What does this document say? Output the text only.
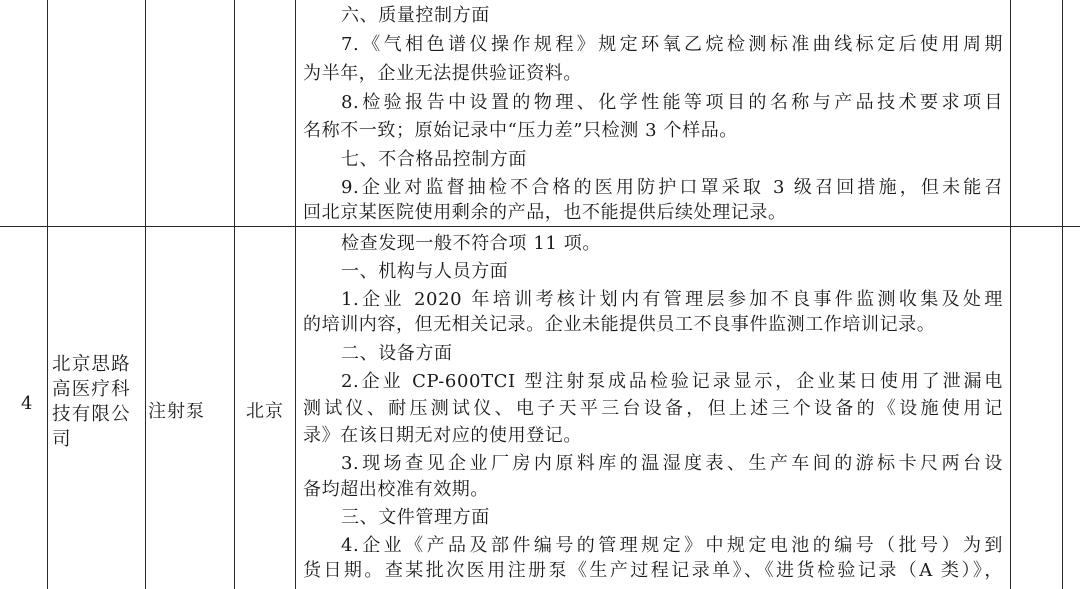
六、质量控制方面
7.《气相色谱仪操作规程》规定环氧乙烷检测标准曲线标定后使用周期
为半年，企业无法提供验证资料。
8.检验报告中设置的物理、化学性能等项目的名称与产品技术要求项目
名称不一致；原始记录中“压力差”只检测 3 个样品。
七、不合格品控制方面
9.企业对监督抽检不合格的医用防护口罩采取 3 级召回措施，但未能召
回北京某医院使用剩余的产品，也不能提供后续处理记录。
4
北京思路高医疗科技有限公司
注射泵	北京
检查发现一般不符合项 11 项。
一、机构与人员方面
1.企业 2020 年培训考核计划内有管理层参加不良事件监测收集及处理
的培训内容，但无相关记录。企业未能提供员工不良事件监测工作培训记录。
二、设备方面
2.企业 CP-600TCI 型注射泵成品检验记录显示，企业某日使用了泄漏电
测试仪、耐压测试仪、电子天平三台设备，但上述三个设备的《设施使用记
录》在该日期无对应的使用登记。
3.现场查见企业厂房内原料库的温湿度表、生产车间的游标卡尺两台设
备均超出校准有效期。
三、文件管理方面
4.企业《产品及部件编号的管理规定》中规定电池的编号（批号）为到
货日期。查某批次医用注册泵《生产过程记录单》、《进货检验记录（A 类）》，
